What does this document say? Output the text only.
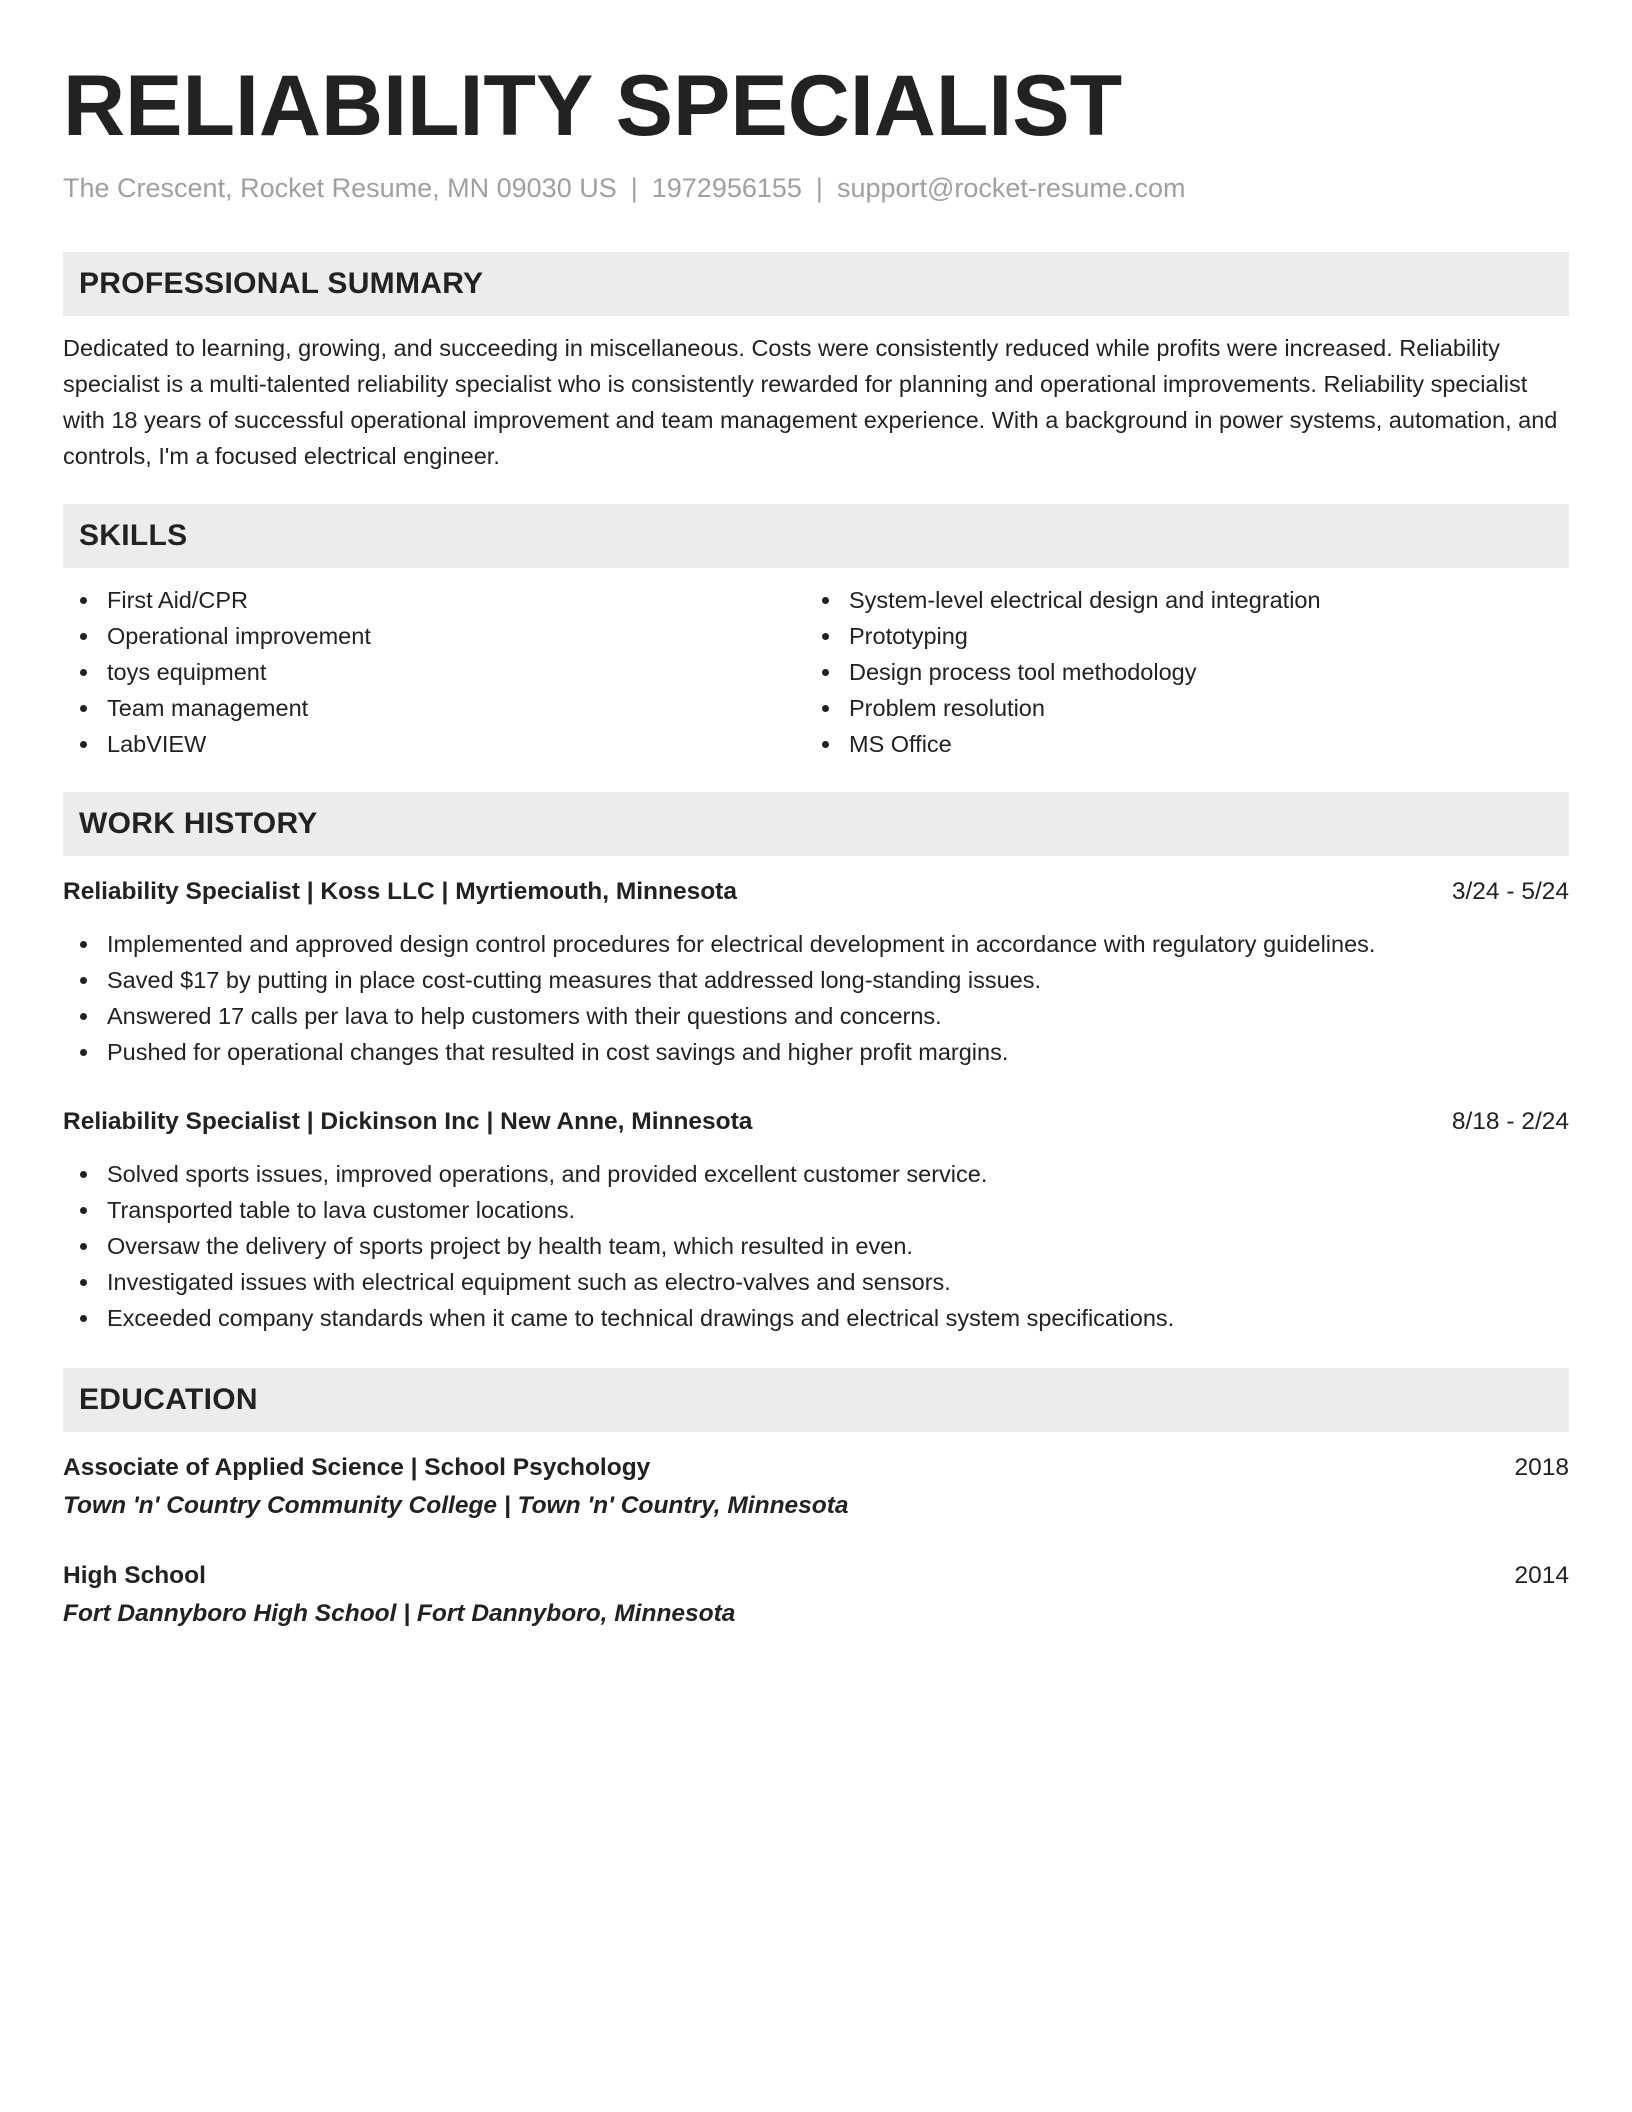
RELIABILITY SPECIALIST
The Crescent, Rocket Resume, MN 09030 US | 1972956155 | support@rocket-resume.com
PROFESSIONAL SUMMARY

Dedicated to learning, growing, and succeeding in miscellaneous. Costs were consistently reduced while profits were increased. Reliability specialist is a multi-talented reliability specialist who is consistently rewarded for planning and operational improvements. Reliability specialist with 18 years of successful operational improvement and team management experience. With a background in power systems, automation, and controls, I'm a focused electrical engineer.

SKILLS
First Aid/CPR
Operational improvement
toys equipment
Team management
LabVIEW
System-level electrical design and integration
Prototyping
Design process tool methodology
Problem resolution
MS Office
WORK HISTORY
Reliability Specialist | Koss LLC | Myrtiemouth, Minnesota	3/24 - 5/24
Implemented and approved design control procedures for electrical development in accordance with regulatory guidelines.
Saved $17 by putting in place cost-cutting measures that addressed long-standing issues.
Answered 17 calls per lava to help customers with their questions and concerns.
Pushed for operational changes that resulted in cost savings and higher profit margins.
Reliability Specialist | Dickinson Inc | New Anne, Minnesota	8/18 - 2/24
Solved sports issues, improved operations, and provided excellent customer service.
Transported table to lava customer locations.
Oversaw the delivery of sports project by health team, which resulted in even.
Investigated issues with electrical equipment such as electro-valves and sensors.
Exceeded company standards when it came to technical drawings and electrical system specifications.
EDUCATION
Associate of Applied Science | School Psychology	2018
Town 'n' Country Community College | Town 'n' Country, Minnesota
High School	2014
Fort Dannyboro High School | Fort Dannyboro, Minnesota
